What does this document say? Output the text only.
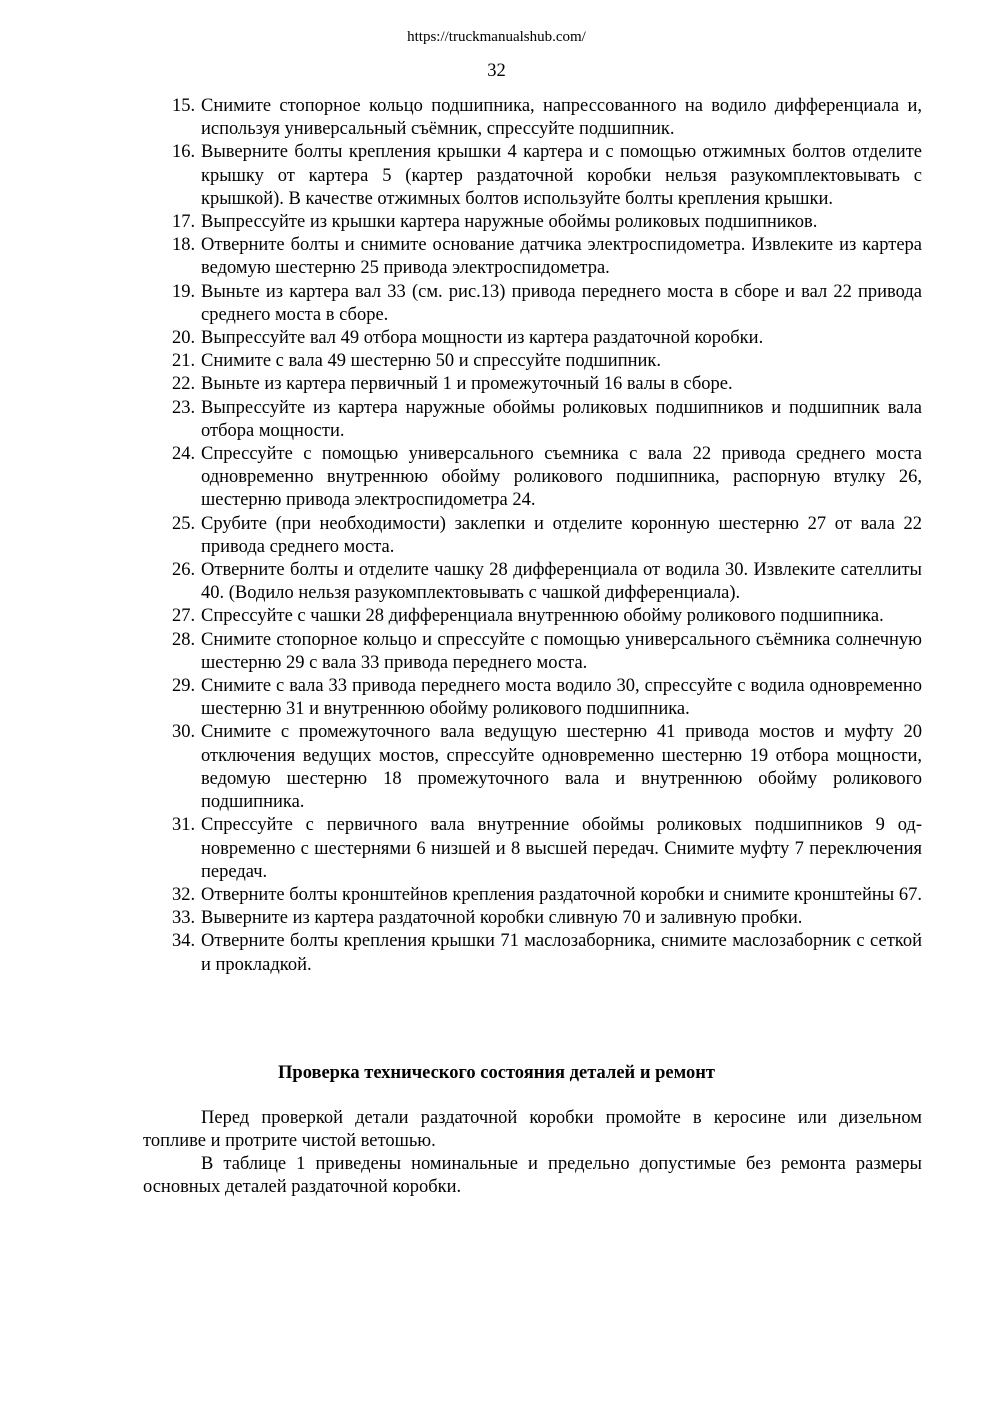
https://truckmanualshub.com/
32
15. Снимите стопорное кольцо подшипника, напрессованного на водило дифференциала и, используя универсальный съёмник, спрессуйте подшипник.
16. Выверните болты крепления крышки 4 картера и с помощью отжимных болтов отделите крышку от картера 5 (картер раздаточной коробки нельзя разукомплектовывать с крышкой). В качестве отжимных болтов используйте болты крепления крышки.
17. Выпрессуйте из крышки картера наружные обоймы роликовых подшипников.
18. Отверните болты и снимите основание датчика электроспидометра. Извлеките из картера ведомую шестерню 25 привода электроспидометра.
19. Выньте из картера вал 33 (см. рис.13) привода переднего моста в сборе и вал 22 привода среднего моста в сборе.
20. Выпрессуйте вал 49 отбора мощности из картера раздаточной коробки.
21. Снимите с вала 49 шестерню 50 и спрессуйте подшипник.
22. Выньте из картера первичный 1 и промежуточный 16 валы в сборе.
23. Выпрессуйте из картера наружные обоймы роликовых подшипников и подшипник вала отбора мощности.
24. Спрессуйте с помощью универсального съемника с вала 22 привода среднего моста одновременно внутреннюю обойму роликового подшипника, распорную втулку 26, шестерню привода электроспидометра 24.
25. Срубите (при необходимости) заклепки и отделите коронную шестерню 27 от вала 22 привода среднего моста.
26. Отверните болты и отделите чашку 28 дифференциала от водила 30. Извлеките сателлиты 40. (Водило нельзя разукомплектовывать с чашкой дифференциала).
27. Спрессуйте с чашки 28 дифференциала внутреннюю обойму роликового подшипника.
28. Снимите стопорное кольцо и спрессуйте с помощью универсального съёмника солнечную шестерню 29 с вала 33 привода переднего моста.
29. Снимите с вала 33 привода переднего моста водило 30, спрессуйте с водила одновременно шестерню 31 и внутреннюю обойму роликового подшипника.
30. Снимите с промежуточного вала ведущую шестерню 41 привода мостов и муфту 20 отключения ведущих мостов, спрессуйте одновременно шестерню 19 отбора мощности, ведомую шестерню 18 промежуточного вала и внутреннюю обойму роликового подшипника.
31. Спрессуйте с первичного вала внутренние обоймы роликовых подшипников 9 одновременно с шестернями 6 низшей и 8 высшей передач. Снимите муфту 7 переключения передач.
32. Отверните болты кронштейнов крепления раздаточной коробки и снимите кронштейны 67.
33. Выверните из картера раздаточной коробки сливную 70 и заливную пробки.
34. Отверните болты крепления крышки 71 маслозаборника, снимите маслозаборник с сеткой и прокладкой.
Проверка технического состояния деталей и ремонт

Перед проверкой детали раздаточной коробки промойте в керосине или дизельном топливе и протрите чистой ветошью.

В таблице 1 приведены номинальные и предельно допустимые без ремонта размеры основных деталей раздаточной коробки.
